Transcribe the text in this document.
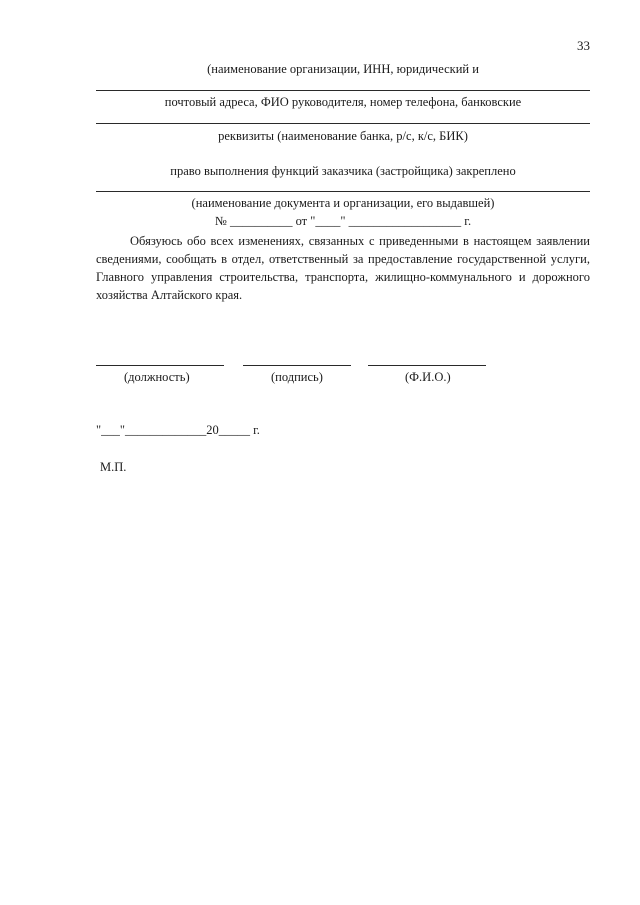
33
(наименование организации, ИНН, юридический и
почтовый адреса, ФИО руководителя, номер телефона, банковские
реквизиты (наименование банка, р/с, к/с, БИК)
право выполнения функций заказчика (застройщика) закреплено
(наименование документа и организации, его выдавшей)
№ __________ от "____" __________________ г.
Обязуюсь обо всех изменениях, связанных с приведенными в настоящем заявлении
сведениями, сообщать в отдел, ответственный за предоставление государственной услуги,
Главного управления строительства, транспорта, жилищно-коммунального и дорожного
хозяйства Алтайского края.
(должность)	(подпись)	(Ф.И.О.)
"___"_____________20_____ г.
М.П.
